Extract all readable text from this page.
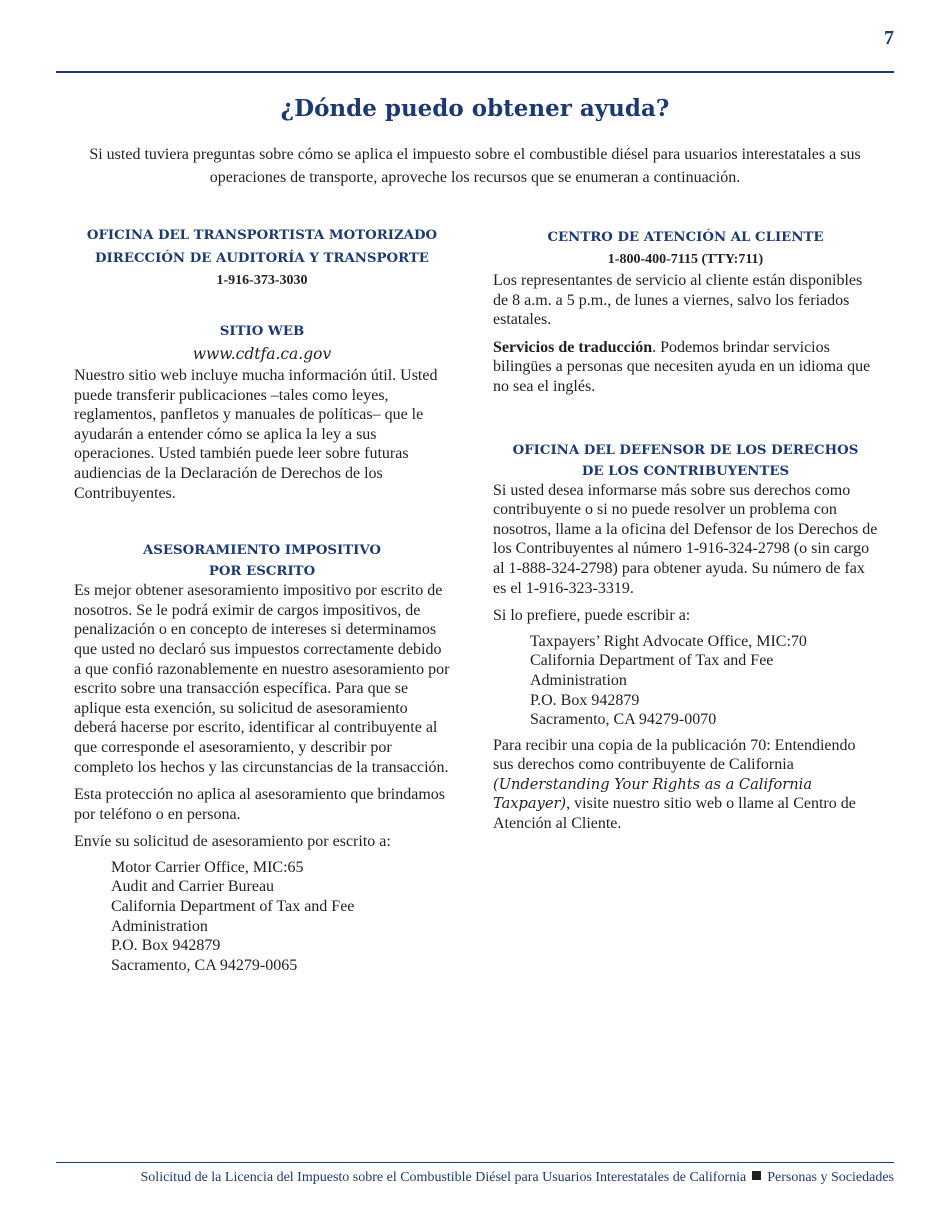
7
¿Dónde puedo obtener ayuda?

Si usted tuviera preguntas sobre cómo se aplica el impuesto sobre el combustible diésel para usuarios interestatales a sus operaciones de transporte, aproveche los recursos que se enumeran a continuación.

OFICINA DEL TRANSPORTISTA MOTORIZADO

DIRECCIÓN DE AUDITORÍA Y TRANSPORTE

1-916-373-3030

SITIO WEB

www.cdtfa.ca.gov

Nuestro sitio web incluye mucha información útil. Usted puede transferir publicaciones –tales como leyes, reglamentos, panfletos y manuales de políticas– que le ayudarán a entender cómo se aplica la ley a sus operaciones. Usted también puede leer sobre futuras audiencias de la Declaración de Derechos de los Contribuyentes.

ASESORAMIENTO IMPOSITIVO

POR ESCRITO

Es mejor obtener asesoramiento impositivo por escrito de nosotros. Se le podrá eximir de cargos impositivos, de penalización o en concepto de intereses si determinamos que usted no declaró sus impuestos correctamente debido a que confió razonablemente en nuestro asesoramiento por escrito sobre una transacción específica. Para que se aplique esta exención, su solicitud de asesoramiento deberá hacerse por escrito, identificar al contribuyente al que corresponde el asesoramiento, y describir por completo los hechos y las circunstancias de la transacción.

Esta protección no aplica al asesoramiento que brindamos por teléfono o en persona.

Envíe su solicitud de asesoramiento por escrito a:

Motor Carrier Office, MIC:65
Audit and Carrier Bureau
California Department of Tax and Fee
Administration
P.O. Box 942879
Sacramento, CA 94279-0065

CENTRO DE ATENCIÓN AL CLIENTE

1-800-400-7115 (TTY:711)

Los representantes de servicio al cliente están disponibles de 8 a.m. a 5 p.m., de lunes a viernes, salvo los feriados estatales.

Servicios de traducción. Podemos brindar servicios bilingües a personas que necesiten ayuda en un idioma que no sea el inglés.

OFICINA DEL DEFENSOR DE LOS DERECHOS

DE LOS CONTRIBUYENTES

Si usted desea informarse más sobre sus derechos como contribuyente o si no puede resolver un problema con nosotros, llame a la oficina del Defensor de los Derechos de los Contribuyentes al número 1-916-324-2798 (o sin cargo al 1-888-324-2798) para obtener ayuda. Su número de fax es el 1-916-323-3319.

Si lo prefiere, puede escribir a:

Taxpayers’ Right Advocate Office, MIC:70
California Department of Tax and Fee
Administration
P.O. Box 942879
Sacramento, CA 94279-0070

Para recibir una copia de la publicación 70: Entendiendo sus derechos como contribuyente de California (Understanding Your Rights as a California Taxpayer), visite nuestro sitio web o llame al Centro de Atención al Cliente.

Solicitud de la Licencia del Impuesto sobre el Combustible Diésel para Usuarios Interestatales de California Personas y Sociedades
